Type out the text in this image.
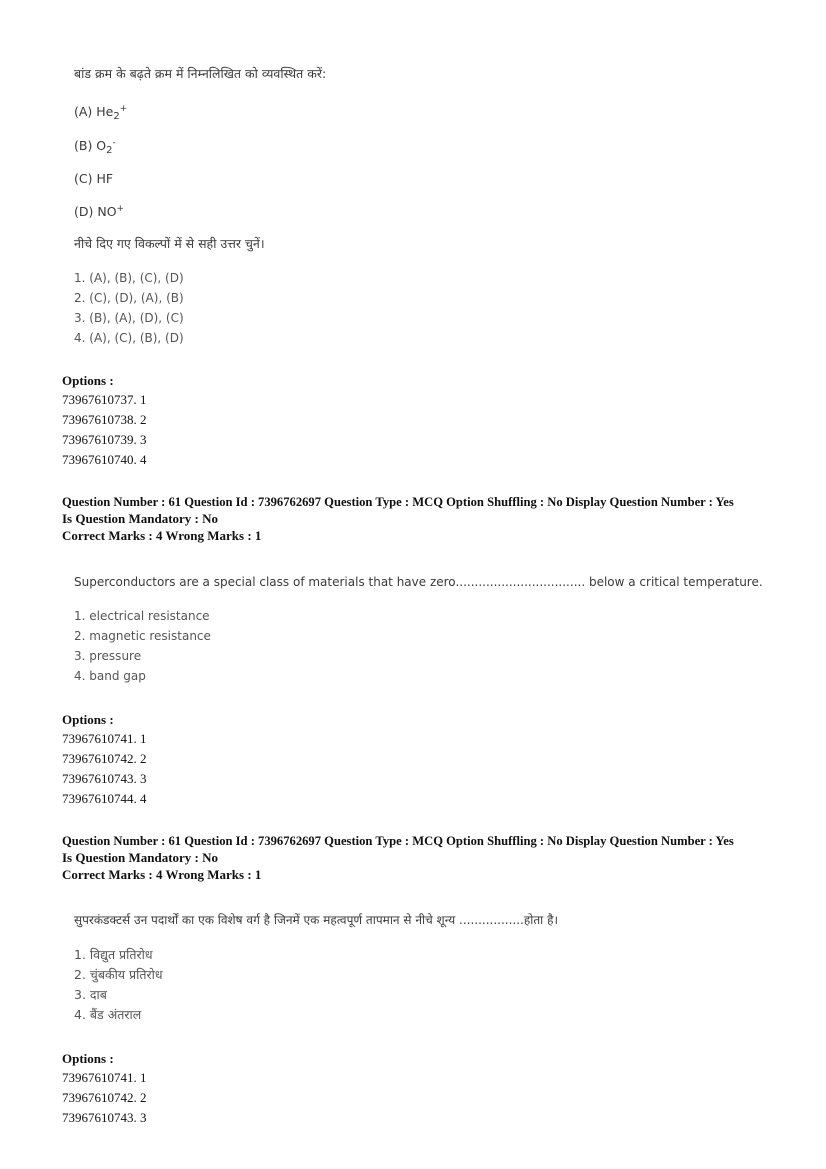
बांड क्रम के बढ़ते क्रम में निम्नलिखित को व्यवस्थित करें:
(A) $He_2^+$
(B) $O_2^-$
(C) HF
(D) NO+
नीचे दिए गए विकल्पों में से सही उत्तर चुनें।
1. (A), (B), (C), (D)
2. (C), (D), (A), (B)
3. (B), (A), (D), (C)
4. (A), (C), (B), (D)
Options :
73967610737. 1
73967610738. 2
73967610739. 3
73967610740. 4
Question Number : 61 Question Id : 7396762697 Question Type : MCQ Option Shuffling : No Display Question Number : Yes
Is Question Mandatory : No
Correct Marks : 4 Wrong Marks : 1
Superconductors are a special class of materials that have zero.................................. below a critical temperature.
1. electrical resistance
2. magnetic resistance
3. pressure
4. band gap
Options :
73967610741. 1
73967610742. 2
73967610743. 3
73967610744. 4
Question Number : 61 Question Id : 7396762697 Question Type : MCQ Option Shuffling : No Display Question Number : Yes
Is Question Mandatory : No
Correct Marks : 4 Wrong Marks : 1
सुपरकंडक्टर्स उन पदार्थों का एक विशेष वर्ग है जिनमें एक महत्वपूर्ण तापमान से नीचे शून्य .................होता है।
1. विद्युत प्रतिरोध
2. चुंबकीय प्रतिरोध
3. दाब
4. बैंड अंतराल
Options :
73967610741. 1
73967610742. 2
73967610743. 3
